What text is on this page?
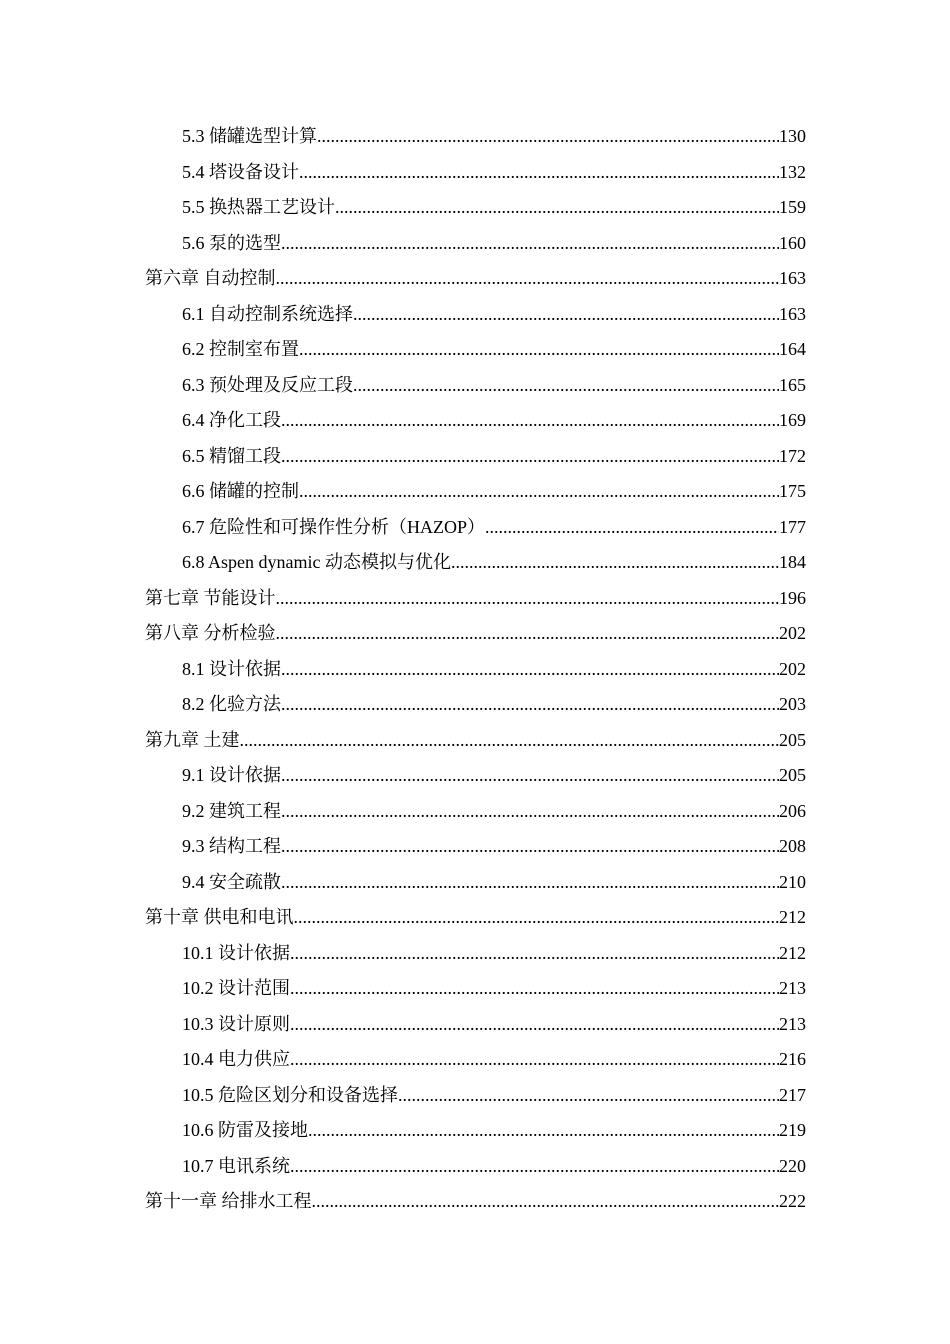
5.3 储罐选型计算 .....	130
5.4 塔设备设计 .....	132
5.5 换热器工艺设计 .....	159
5.6 泵的选型 .....	160
第六章 自动控制 .....	163
6.1 自动控制系统选择 .....	163
6.2 控制室布置 .....	164
6.3 预处理及反应工段 .....	165
6.4 净化工段 .....	169
6.5 精馏工段 .....	172
6.6 储罐的控制 .....	175
6.7 危险性和可操作性分析（HAZOP） .....	177
6.8 Aspen dynamic 动态模拟与优化 .....	184
第七章 节能设计 .....	196
第八章 分析检验 .....	202
8.1 设计依据 .....	202
8.2 化验方法 .....	203
第九章 土建 .....	205
9.1 设计依据 .....	205
9.2 建筑工程 .....	206
9.3 结构工程 .....	208
9.4 安全疏散 .....	210
第十章 供电和电讯 .....	212
10.1 设计依据 .....	212
10.2 设计范围 .....	213
10.3 设计原则 .....	213
10.4 电力供应 .....	216
10.5 危险区划分和设备选择 .....	217
10.6 防雷及接地 .....	219
10.7 电讯系统 .....	220
第十一章 给排水工程 .....	222
